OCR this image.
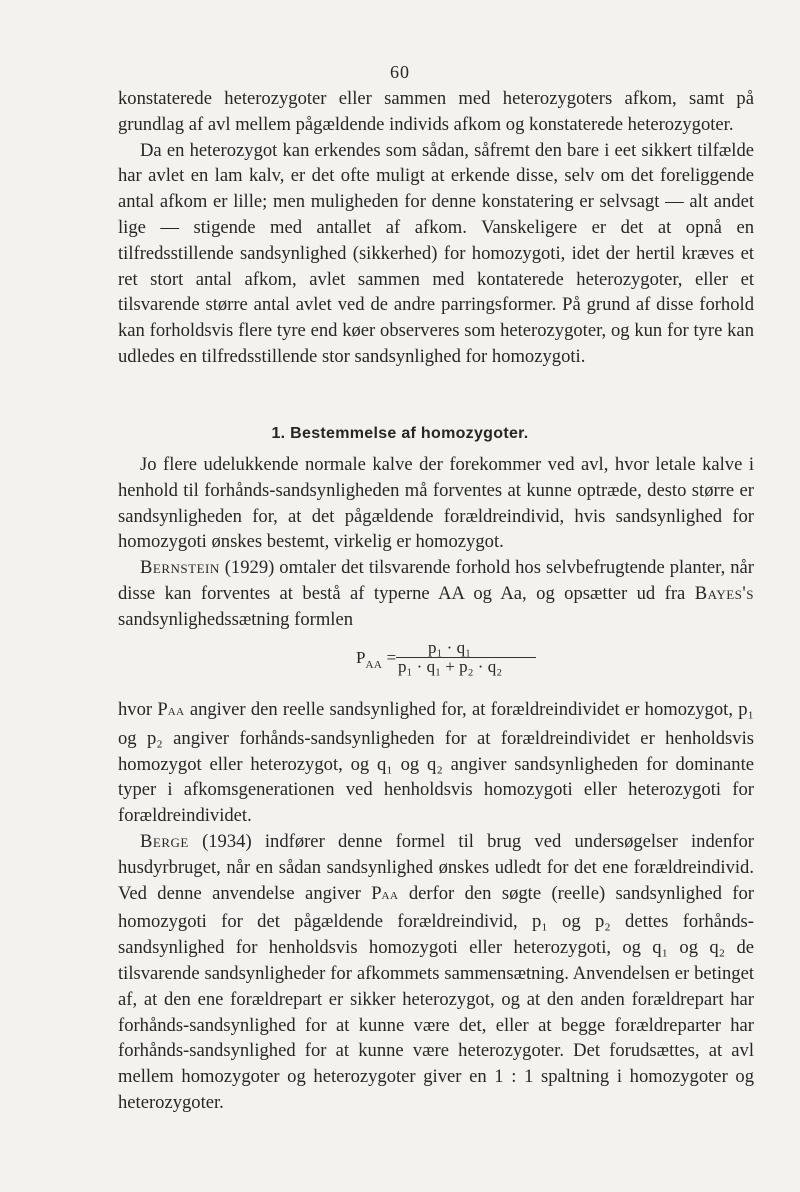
60

konstaterede heterozygoter eller sammen med heterozygoters afkom, samt på grundlag af avl mellem pågældende individs afkom og konstaterede heterozygoter.

Da en heterozygot kan erkendes som sådan, såfremt den bare i eet sikkert tilfælde har avlet en lam kalv, er det ofte muligt at erkende disse, selv om det foreliggende antal afkom er lille; men muligheden for denne konstatering er selvsagt — alt andet lige — stigende med antallet af afkom. Vanskeligere er det at opnå en tilfredsstillende sandsynlighed (sikkerhed) for homozygoti, idet der hertil kræves et ret stort antal afkom, avlet sammen med kontaterede heterozygoter, eller et tilsvarende større antal avlet ved de andre parringsformer. På grund af disse forhold kan forholdsvis flere tyre end køer observeres som heterozygoter, og kun for tyre kan udledes en tilfredsstillende stor sandsynlighed for homozygoti.

1. Bestemmelse af homozygoter.

Jo flere udelukkende normale kalve der forekommer ved avl, hvor letale kalve i henhold til forhånds-sandsynligheden må forventes at kunne optræde, desto større er sandsynligheden for, at det pågældende forældreindivid, hvis sandsynlighed for homozygoti ønskes bestemt, virkelig er homozygot.

Bernstein (1929) omtaler det tilsvarende forhold hos selvbefrugtende planter, når disse kan forventes at bestå af typerne AA og Aa, og opsætter ud fra Bayes's sandsynlighedssætning formlen

$P_{AA}$ =
p₁ · q₁
p₁ · q₁ + p₂ · q₂

hvor PAA angiver den reelle sandsynlighed for, at forældreindividet er homozygot, p₁ og p₂ angiver forhånds-sandsynligheden for at forældreindividet er henholdsvis homozygot eller heterozygot, og q₁ og q₂ angiver sandsynligheden for dominante typer i afkomsgenerationen ved henholdsvis homozygoti eller heterozygoti for forældreindividet.

Berge (1934) indfører denne formel til brug ved undersøgelser indenfor husdyrbruget, når en sådan sandsynlighed ønskes udledt for det ene forældreindivid. Ved denne anvendelse angiver PAA derfor den søgte (reelle) sandsynlighed for homozygoti for det pågældende forældreindivid, p₁ og p₂ dettes forhånds-sandsynlighed for henholdsvis homozygoti eller heterozygoti, og q₁ og q₂ de tilsvarende sandsynligheder for afkommets sammensætning. Anvendelsen er betinget af, at den ene forældrepart er sikker heterozygot, og at den anden forældrepart har forhånds-sandsynlighed for at kunne være det, eller at begge forældreparter har forhånds-sandsynlighed for at kunne være heterozygoter. Det forudsættes, at avl mellem homozygoter og heterozygoter giver en 1 : 1 spaltning i homozygoter og heterozygoter.
